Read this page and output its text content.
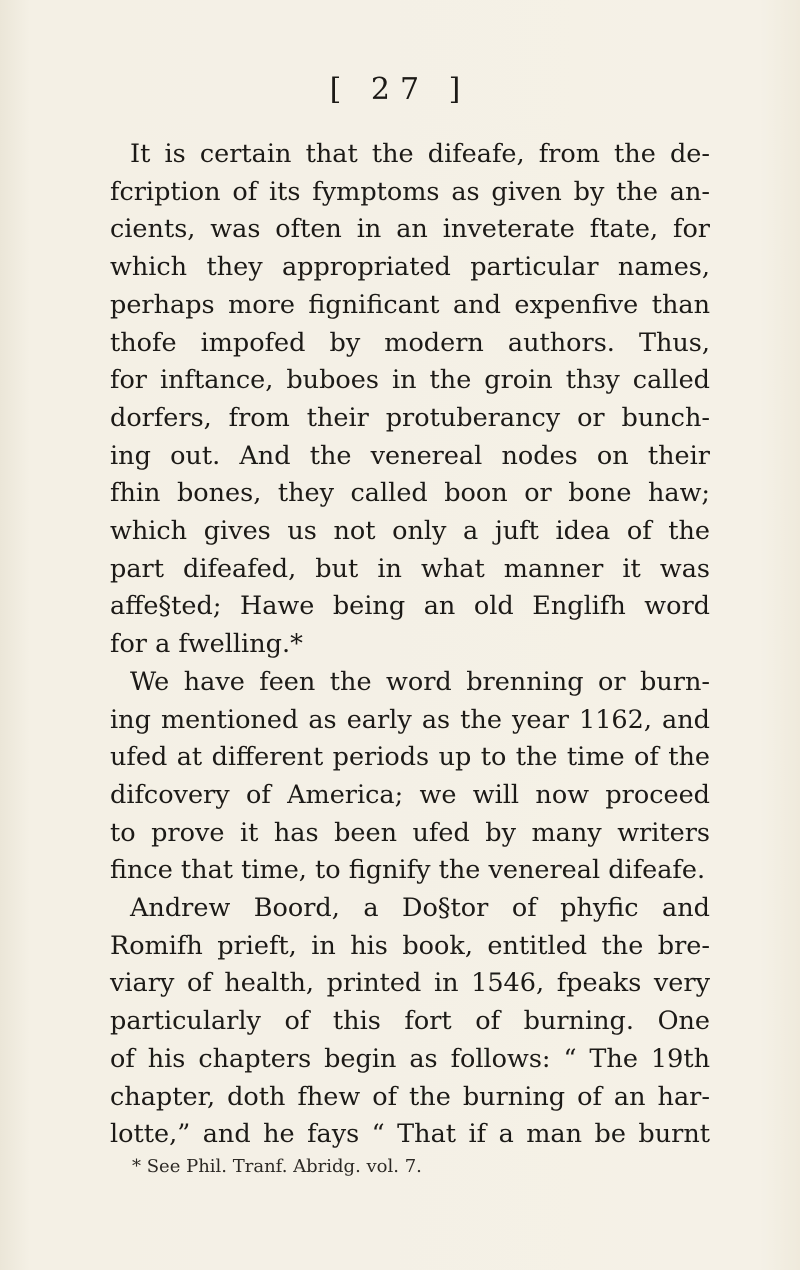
[ 27 ]
It is certain that the difeafe, from the de-
fcription of its fymptoms as given by the an-
cients, was often in an inveterate ftate, for
which they appropriated particular names,
perhaps more fignificant and expenfive than
thofe impofed by modern authors. Thus,
for inftance, buboes in the groin thɜy called
dorfers, from their protuberancy or bunch-
ing out. And the venereal nodes on their
fhin bones, they called boon or bone haw;
which gives us not only a juft idea of the
part difeafed, but in what manner it was
affe§ted; Hawe being an old Englifh word
for a fwelling.*
We have feen the word brenning or burn-
ing mentioned as early as the year 1162, and
ufed at different periods up to the time of the
difcovery of America; we will now proceed
to prove it has been ufed by many writers
fince that time, to fignify the venereal difeafe.
Andrew Boord, a Do§tor of phyfic and
Romifh prieft, in his book, entitled the bre-
viary of health, printed in 1546, fpeaks very
particularly of this fort of burning. One
of his chapters begin as follows: “ The 19th
chapter, doth fhew of the burning of an har-
lotte,” and he fays “ That if a man be burnt
* See Phil. Tranf. Abridg. vol. 7.
